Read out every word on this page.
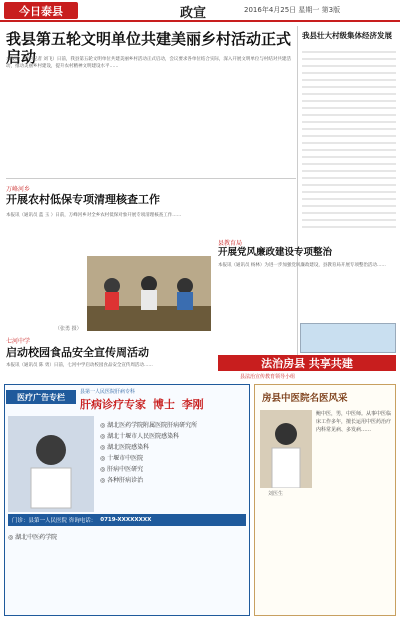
今日泰县	政宣	2016年4月25日 星期一 第3版
我县第五轮文明单位共建美丽乡村活动正式启动
本报讯（特约记者 刘飞）日前，我县第五轮文明单位共建美丽乡村活动正式启动，会议要求各单位结合实际，深入开展文明单位与村结对共建活动，推动美丽乡村建设，提升农村精神文明建设水平……
我县壮大村级集体经济发展
万峰河乡
开展农村低保专项清理核查工作
本报讯（通讯员 蓝 玉 ）日前，万峰河乡对全乡农村低保对象开展专项清理核查工作……
（张勇 摄）
七河中学
启动校园食品安全宣传周活动
本报讯（通讯员 陈 勇）日前，七河中学启动校园食品安全宣传周活动……
县教育局
开展党风廉政建设专项整治
本报讯（通讯员 杨林）为进一步加强党风廉政建设，县教育局开展专项整治活动……
法治房县 共享共建
县法治宣传教育领导小组
医疗广告专栏
县第一人民医院肝病专科
肝病诊疗专家 博士 李刚
◎ 湖北医药学院附属医院肝病研究所
◎ 湖北十堰市人民医院感染科
◎ 湖北医院感染科
◎ 十堰市中医院
◎ 肝病中医研究
◎ 各种肝病诊治
门诊：县第一人民医院 咨询电话： 0719-XXXXXXXX
◎ 湖北中医药学院
房县中医院名医风采
刘医生
鲍中医，男，中医师。从事中医临床工作多年，擅长运用中医药治疗内科常见病、多发病……
